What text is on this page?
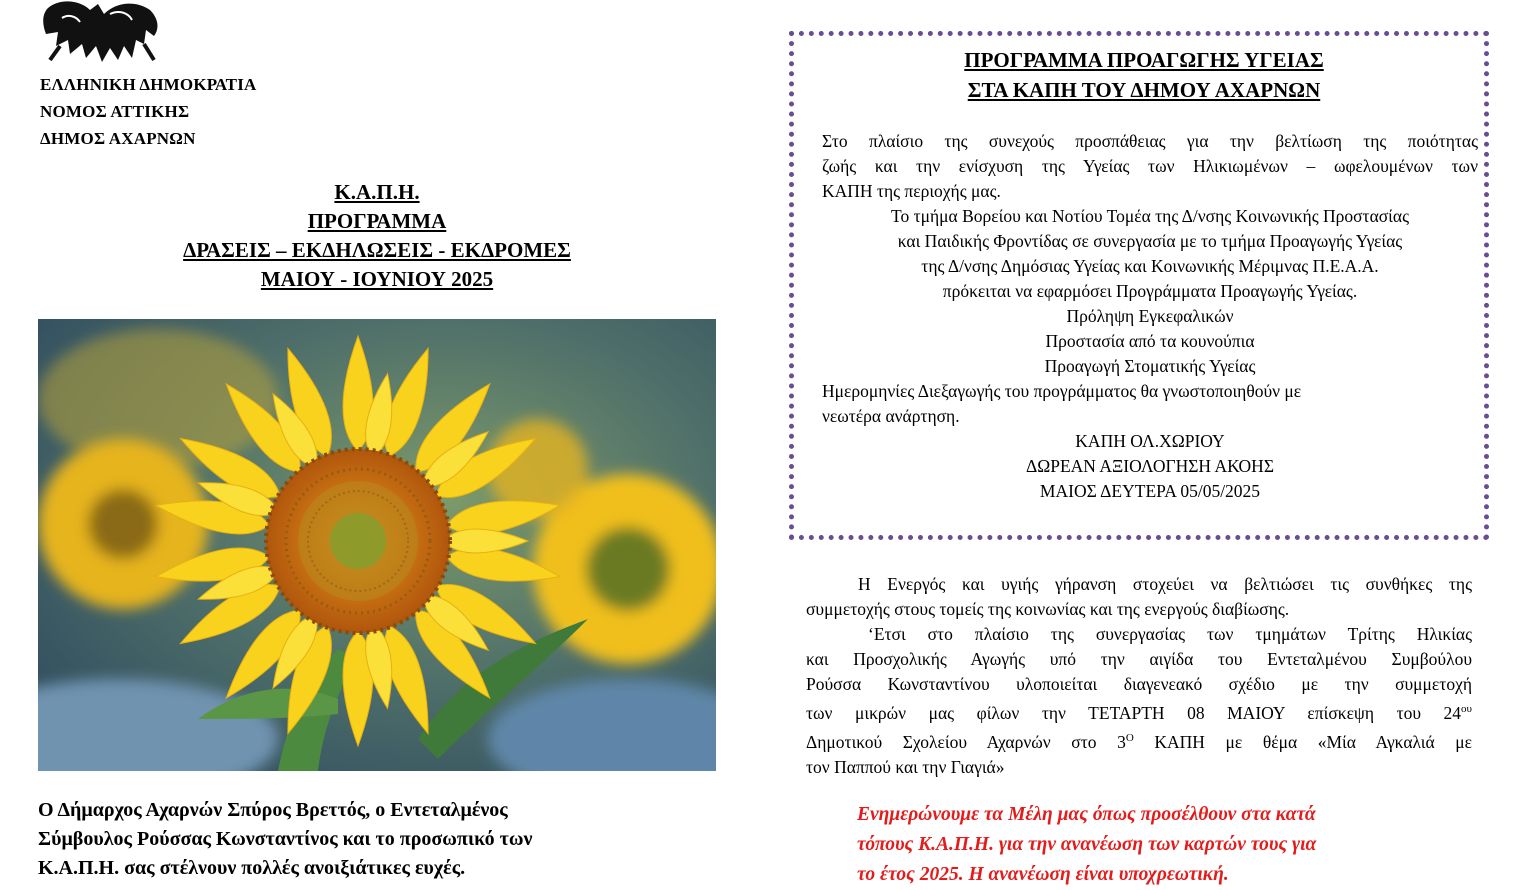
ΕΛΛΗΝΙΚΗ ΔΗΜΟΚΡΑΤΙΑ
ΝΟΜΟΣ ΑΤΤΙΚΗΣ
ΔΗΜΟΣ ΑΧΑΡΝΩΝ
Κ.Α.Π.Η.
ΠΡΟΓΡΑΜΜΑ
ΔΡΑΣΕΙΣ – ΕΚΔΗΛΩΣΕΙΣ - ΕΚΔΡΟΜΕΣ
ΜΑΙΟΥ - ΙΟΥΝΙΟΥ 2025
Ο Δήμαρχος Αχαρνών Σπύρος Βρεττός, ο Εντεταλμένος
Σύμβουλος Ρούσσας Κωνσταντίνος και το προσωπικό των
Κ.Α.Π.Η. σας στέλνουν πολλές ανοιξιάτικες ευχές.
ΠΡΟΓΡΑΜΜΑ ΠΡΟΑΓΩΓΗΣ ΥΓΕΙΑΣ
ΣΤΑ ΚΑΠΗ ΤΟΥ ΔΗΜΟΥ ΑΧΑΡΝΩΝ
Στο πλαίσιο της συνεχούς προσπάθειας για την βελτίωση της ποιότητας
ζωής και την ενίσχυση της Υγείας των Ηλικιωμένων – ωφελουμένων των
ΚΑΠΗ της περιοχής μας.
Το τμήμα Βορείου και Νοτίου Τομέα της Δ/νσης Κοινωνικής Προστασίας
και Παιδικής Φροντίδας σε συνεργασία με το τμήμα Προαγωγής Υγείας
της Δ/νσης Δημόσιας Υγείας και Κοινωνικής Μέριμνας Π.Ε.Α.Α.
πρόκειται να εφαρμόσει Προγράμματα Προαγωγής Υγείας.
Πρόληψη Εγκεφαλικών
Προστασία από τα κουνούπια
Προαγωγή Στοματικής Υγείας
Ημερομηνίες Διεξαγωγής του προγράμματος θα γνωστοποιηθούν με
νεωτέρα ανάρτηση.
ΚΑΠΗ ΟΛ.ΧΩΡΙΟΥ
ΔΩΡΕΑΝ ΑΞΙΟΛΟΓΗΣΗ ΑΚΟΗΣ
ΜΑΙΟΣ ΔΕΥΤΕΡΑ 05/05/2025
Η Ενεργός και υγιής γήρανση στοχεύει να βελτιώσει τις συνθήκες της
συμμετοχής στους τομείς της κοινωνίας και της ενεργούς διαβίωσης.
‘Ετσι στο πλαίσιο της συνεργασίας των τμημάτων Τρίτης Ηλικίας
και Προσχολικής Αγωγής υπό την αιγίδα του Εντεταλμένου Συμβούλου
Ρούσσα Κωνσταντίνου υλοποιείται διαγενεακό σχέδιο με την συμμετοχή
των μικρών μας φίλων την ΤΕΤΑΡΤΗ 08 ΜΑΙΟΥ επίσκεψη του $24^{o\upsilon}$
Δημοτικού Σχολείου Αχαρνών στο $3^O$ ΚΑΠΗ με θέμα «Μία Αγκαλιά με
τον Παππού και την Γιαγιά»
Ενημερώνουμε τα Μέλη μας όπως προσέλθουν στα κατά
τόπους Κ.Α.Π.Η. για την ανανέωση των καρτών τους για
το έτος 2025. Η ανανέωση είναι υποχρεωτική.
